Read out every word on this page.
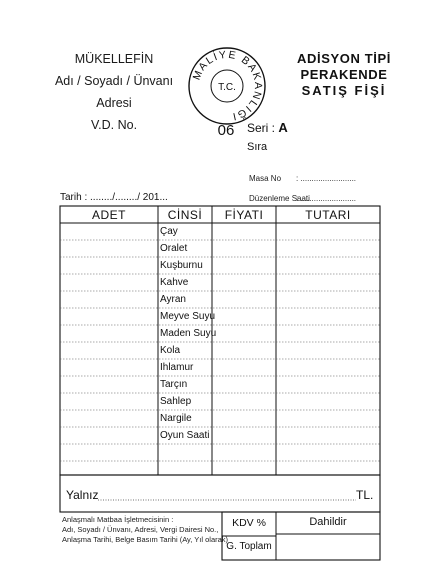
MÜKELLEFİN
Adı / Soyadı / Ünvanı
Adresi
V.D. No.
MALİYE BAKANLIĞI
T.C.
06
ADİSYON TİPİ
PERAKENDE
SATIŞ FİŞİ
Seri : A
Sıra
Masa No : .........................
Düzenleme Saati
: .........................
Tarih : ......../......../ 201...
ADET	CİNSİ	FİYATI	TUTARI
Çay
Oralet
Kuşburnu
Kahve
Ayran
Meyve Suyu
Maden Suyu
Kola
Ihlamur
Tarçın
Sahlep
Nargile
Oyun Saati
Yalnız	TL.
Anlaşmalı Matbaa İşletmecisinin :
Adı, Soyadı / Ünvanı, Adresi, Vergi Dairesi No.,
Anlaşma Tarihi, Belge Basım Tarihi (Ay, Yıl olarak)
KDV %	Dahildir
G. Toplam
